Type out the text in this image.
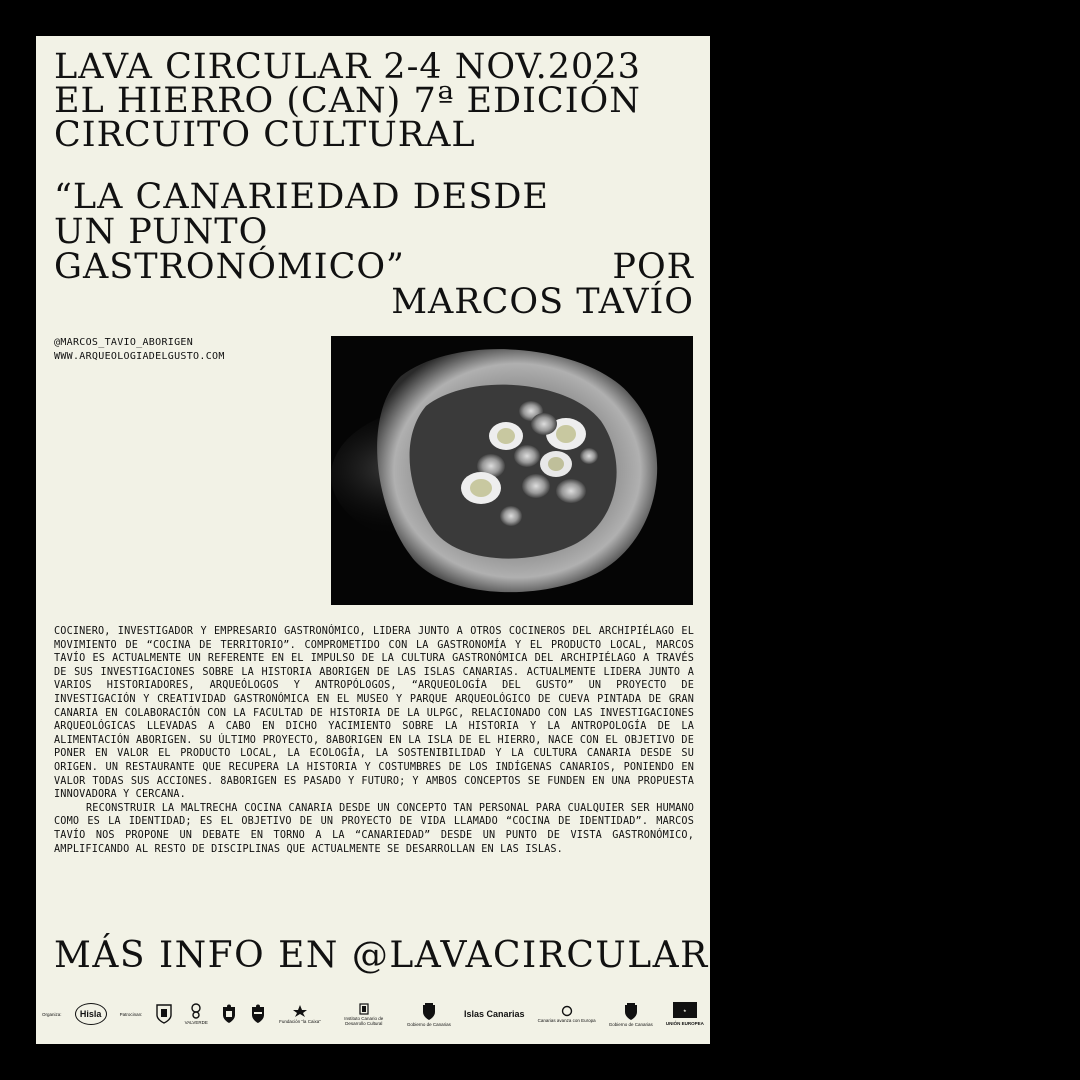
LAVA CIRCULAR 2-4 NOV.2023
EL HIERRO (CAN) 7ª EDICIÓN
CIRCUITO CULTURAL
“LA CANARIEDAD DESDE
UN PUNTO
GASTRONÓMICO”	POR
MARCOS TAVÍO
@MARCOS_TAVIO_ABORIGEN
WWW.ARQUEOLOGIADELGUSTO.COM

COCINERO, INVESTIGADOR Y EMPRESARIO GASTRONÓMICO, LIDERA JUNTO A OTROS COCINEROS DEL ARCHIPIÉLAGO EL MOVIMIENTO DE “COCINA DE TERRITORIO”. COMPROMETIDO CON LA GASTRONOMÍA Y EL PRODUCTO LOCAL, MARCOS TAVÍO ES ACTUALMENTE UN REFERENTE EN EL IMPULSO DE LA CULTURA GASTRONÓMICA DEL ARCHIPIÉLAGO A TRAVÉS DE SUS INVESTIGACIONES SOBRE LA HISTORIA ABORIGEN DE LAS ISLAS CANARIAS. ACTUALMENTE LIDERA JUNTO A VARIOS HISTORIADORES, ARQUEÓLOGOS Y ANTROPÓLOGOS, “ARQUEOLOGÍA DEL GUSTO” UN PROYECTO DE INVESTIGACIÓN Y CREATIVIDAD GASTRONÓMICA EN EL MUSEO Y PARQUE ARQUEOLÓGICO DE CUEVA PINTADA DE GRAN CANARIA EN COLABORACIÓN CON LA FACULTAD DE HISTORIA DE LA ULPGC, RELACIONADO CON LAS INVESTIGACIONES ARQUEOLÓGICAS LLEVADAS A CABO EN DICHO YACIMIENTO SOBRE LA HISTORIA Y LA ANTROPOLOGÍA DE LA ALIMENTACIÓN ABORIGEN. SU ÚLTIMO PROYECTO, 8ABORIGEN EN LA ISLA DE EL HIERRO, NACE CON EL OBJETIVO DE PONER EN VALOR EL PRODUCTO LOCAL, LA ECOLOGÍA, LA SOSTENIBILIDAD Y LA CULTURA CANARIA DESDE SU ORIGEN. UN RESTAURANTE QUE RECUPERA LA HISTORIA Y COSTUMBRES DE LOS INDÍGENAS CANARIOS, PONIENDO EN VALOR TODAS SUS ACCIONES. 8ABORIGEN ES PASADO Y FUTURO; Y AMBOS CONCEPTOS SE FUNDEN EN UNA PROPUESTA INNOVADORA Y CERCANA.

RECONSTRUIR LA MALTRECHA COCINA CANARIA DESDE UN CONCEPTO TAN PERSONAL PARA CUALQUIER SER HUMANO COMO ES LA IDENTIDAD; ES EL OBJETIVO DE UN PROYECTO DE VIDA LLAMADO “COCINA DE IDENTIDAD”. MARCOS TAVÍO NOS PROPONE UN DEBATE EN TORNO A LA “CANARIEDAD” DESDE UN PUNTO DE VISTA GASTRONÓMICO, AMPLIFICANDO AL RESTO DE DISCIPLINAS QUE ACTUALMENTE SE DESARROLLAN EN LAS ISLAS.

MÁS INFO EN @LAVACIRCULAR
Organiza:	Hisla	Patrocinan:
VALVERDE	Fundación “la Caixa”
Instituto Canario de Desarrollo Cultural	Gobierno de Canarias
Islas Canarias
Canarias avanza con Europa
Gobierno de Canarias
★
UNIÓN EUROPEA
